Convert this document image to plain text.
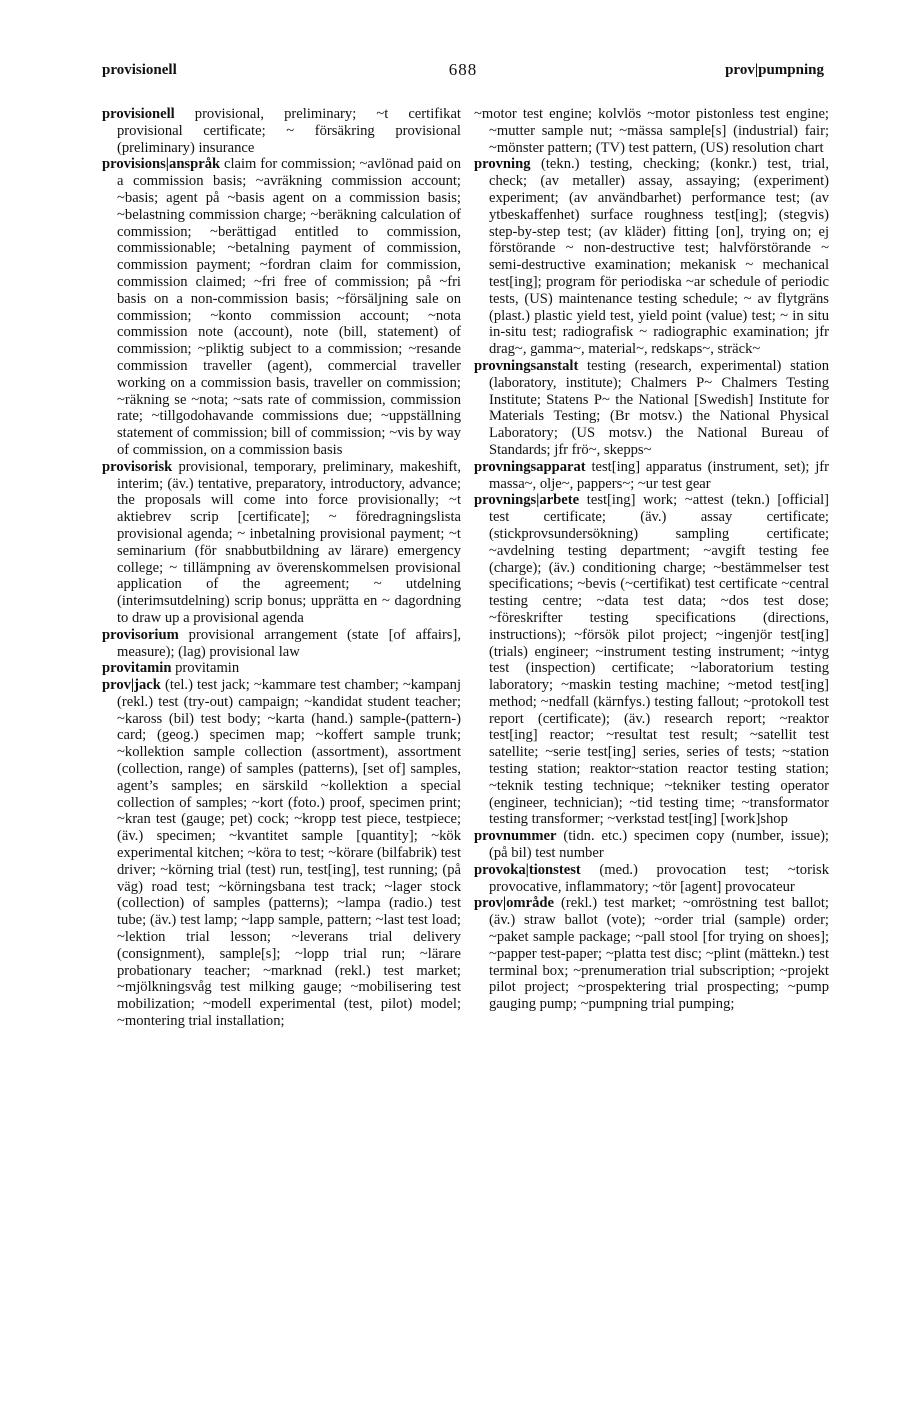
provisionell	688	prov|pumpning

provisionell provisional, preliminary; ~t certifikat provisional certificate; ~ försäkring provisional (preliminary) insurance

provisions|anspråk claim for commission; ~avlönad paid on a commission basis; ~avräkning commission account; ~basis; agent på ~basis agent on a commission basis; ~belastning commission charge; ~beräkning calculation of commission; ~berättigad entitled to commission, commissionable; ~betalning payment of commission, commission payment; ~fordran claim for commission, commission claimed; ~fri free of commission; på ~fri basis on a non-commission basis; ~försäljning sale on commission; ~konto commission account; ~nota commission note (account), note (bill, statement) of commission; ~pliktig subject to a commission; ~resande commission traveller (agent), commercial traveller working on a commission basis, traveller on commission; ~räkning se ~nota; ~sats rate of commission, commission rate; ~tillgodohavande commissions due; ~uppställning statement of commission; bill of commission; ~vis by way of commission, on a commission basis

provisorisk provisional, temporary, preliminary, makeshift, interim; (äv.) tentative, preparatory, introductory, advance; the proposals will come into force provisionally; ~t aktiebrev scrip [certificate]; ~ föredragningslista provisional agenda; ~ inbetalning provisional payment; ~t seminarium (för snabbutbildning av lärare) emergency college; ~ tillämpning av överenskommelsen provisional application of the agreement; ~ utdelning (interimsutdelning) scrip bonus; upprätta en ~ dagordning to draw up a provisional agenda

provisorium provisional arrangement (state [of affairs], measure); (lag) provisional law

provitamin provitamin

prov|jack (tel.) test jack; ~kammare test chamber; ~kampanj (rekl.) test (try-out) campaign; ~kandidat student teacher; ~kaross (bil) test body; ~karta (hand.) sample-(pattern-) card; (geog.) specimen map; ~koffert sample trunk; ~kollektion sample collection (assortment), assortment (collection, range) of samples (patterns), [set of] samples, agent’s samples; en särskild ~kollektion a special collection of samples; ~kort (foto.) proof, specimen print; ~kran test (gauge; pet) cock; ~kropp test piece, testpiece; (äv.) specimen; ~kvantitet sample [quantity]; ~kök experimental kitchen; ~köra to test; ~körare (bilfabrik) test driver; ~körning trial (test) run, test[ing], test running; (på väg) road test; ~körningsbana test track; ~lager stock (collection) of samples (patterns); ~lampa (radio.) test tube; (äv.) test lamp; ~lapp sample, pattern; ~last test load; ~lektion trial lesson; ~leverans trial delivery (consignment), sample[s]; ~lopp trial run; ~lärare probationary teacher; ~marknad (rekl.) test market; ~mjölkningsvåg test milking gauge; ~mobilisering test mobilization; ~modell experimental (test, pilot) model; ~montering trial installation;

~motor test engine; kolvlös ~motor pistonless test engine; ~mutter sample nut; ~mässa sample[s] (industrial) fair; ~mönster pattern; (TV) test pattern, (US) resolution chart

provning (tekn.) testing, checking; (konkr.) test, trial, check; (av metaller) assay, assaying; (experiment) experiment; (av användbarhet) performance test; (av ytbeskaffenhet) surface roughness test[ing]; (stegvis) step-by-step test; (av kläder) fitting [on], trying on; ej förstörande ~ non-destructive test; halvförstörande ~ semi-destructive examination; mekanisk ~ mechanical test[ing]; program för periodiska ~ar schedule of periodic tests, (US) maintenance testing schedule; ~ av flytgräns (plast.) plastic yield test, yield point (value) test; ~ in situ in-situ test; radiografisk ~ radiographic examination; jfr drag~, gamma~, material~, redskaps~, sträck~

provningsanstalt testing (research, experimental) station (laboratory, institute); Chalmers P~ Chalmers Testing Institute; Statens P~ the National [Swedish] Institute for Materials Testing; (Br motsv.) the National Physical Laboratory; (US motsv.) the National Bureau of Standards; jfr frö~, skepps~

provningsapparat test[ing] apparatus (instrument, set); jfr massa~, olje~, pappers~; ~ur test gear

provnings|arbete test[ing] work; ~attest (tekn.) [official] test certificate; (äv.) assay certificate; (stickprovsundersökning) sampling certificate; ~avdelning testing department; ~avgift testing fee (charge); (äv.) conditioning charge; ~bestämmelser test specifications; ~bevis (~certifikat) test certificate ~central testing centre; ~data test data; ~dos test dose; ~föreskrifter testing specifications (directions, instructions); ~försök pilot project; ~ingenjör test[ing] (trials) engineer; ~instrument testing instrument; ~intyg test (inspection) certificate; ~laboratorium testing laboratory; ~maskin testing machine; ~metod test[ing] method; ~nedfall (kärnfys.) testing fallout; ~protokoll test report (certificate); (äv.) research report; ~reaktor test[ing] reactor; ~resultat test result; ~satellit test satellite; ~serie test[ing] series, series of tests; ~station testing station; reaktor~station reactor testing station; ~teknik testing technique; ~tekniker testing operator (engineer, technician); ~tid testing time; ~transformator testing transformer; ~verkstad test[ing] [work]shop

provnummer (tidn. etc.) specimen copy (number, issue); (på bil) test number

provoka|tionstest (med.) provocation test; ~torisk provocative, inflammatory; ~tör [agent] provocateur

prov|område (rekl.) test market; ~omröstning test ballot; (äv.) straw ballot (vote); ~order trial (sample) order; ~paket sample package; ~pall stool [for trying on shoes]; ~papper test-paper; ~platta test disc; ~plint (mättekn.) test terminal box; ~prenumeration trial subscription; ~projekt pilot project; ~prospektering trial prospecting; ~pump gauging pump; ~pumpning trial pumping;
